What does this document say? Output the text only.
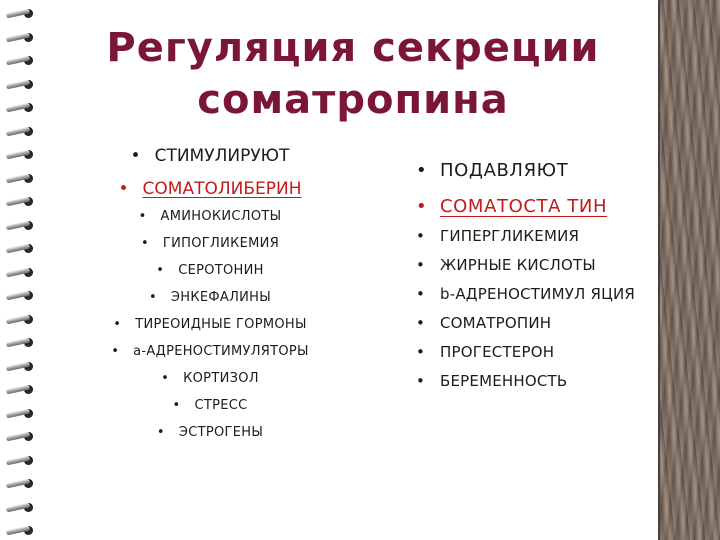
Регуляция секреции соматропина
• СТИМУЛИРУЮТ
• СОМАТОЛИБЕРИН
• АМИНОКИСЛОТЫ
• ГИПОГЛИКЕМИЯ
• СЕРОТОНИН
• ЭНКЕФАЛИНЫ
• ТИРЕОИДНЫЕ ГОРМОНЫ
• a-АДРЕНОСТИМУЛЯТОРЫ
• КОРТИЗОЛ
• СТРЕСС
• ЭСТРОГЕНЫ
• ПОДАВЛЯЮТ
• СОМАТОСТА ТИН
• ГИПЕРГЛИКЕМИЯ
• ЖИРНЫЕ КИСЛОТЫ
• b-АДРЕНОСТИМУЛ ЯЦИЯ
• СОМАТРОПИН
• ПРОГЕСТЕРОН
• БЕРЕМЕННОСТЬ
